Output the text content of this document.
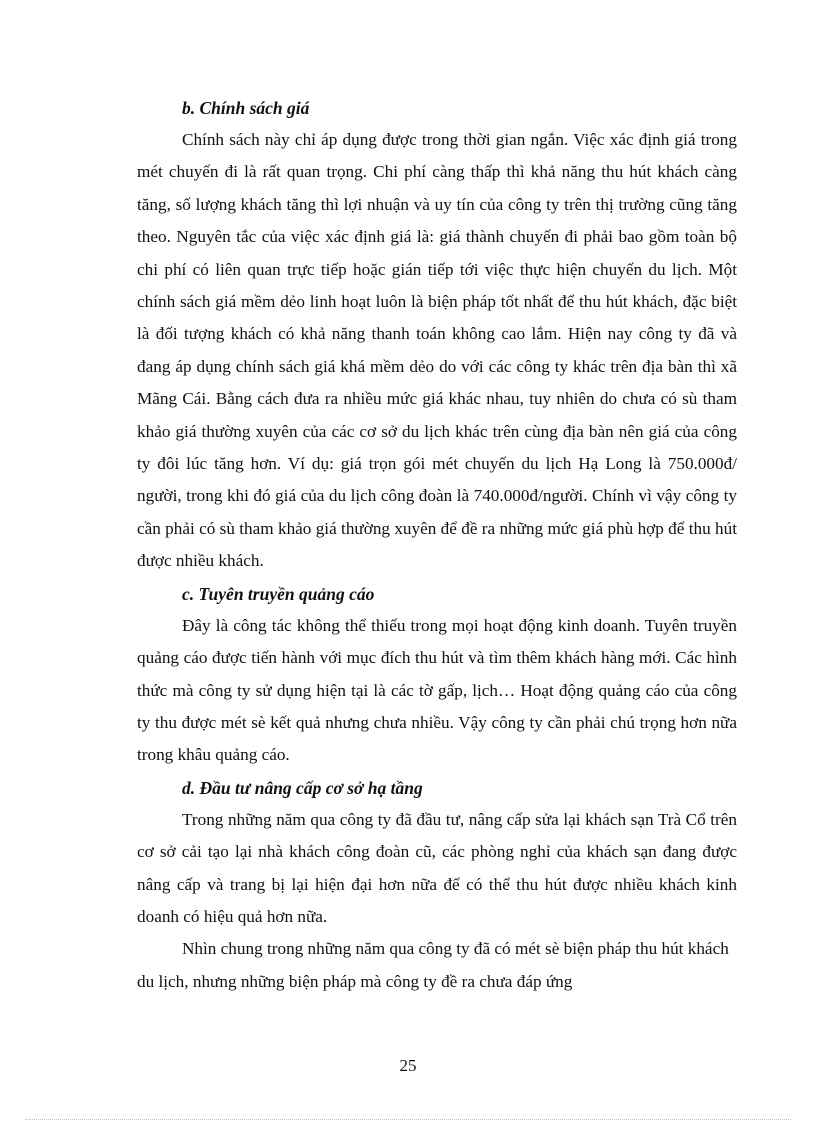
b. Chính sách giá

Chính sách này chỉ áp dụng được trong thời gian ngắn. Việc xác định giá trong mét chuyến đi là rất quan trọng. Chi phí càng thấp thì khả năng thu hút khách càng tăng, số lượng khách tăng thì lợi nhuận và uy tín của công ty trên thị trường cũng tăng theo. Nguyên tắc của việc xác định giá là: giá thành chuyến đi phải bao gồm toàn bộ chi phí có liên quan trực tiếp hoặc gián tiếp tới việc thực hiện chuyến du lịch. Một chính sách giá mềm dẻo linh hoạt luôn là biện pháp tốt nhất để thu hút khách, đặc biệt là đối tượng khách có khả năng thanh toán không cao lắm. Hiện nay công ty đã và đang áp dụng chính sách giá khá mềm dẻo do với các công ty khác trên địa bàn thì xã Mãng Cái. Bằng cách đưa ra nhiều mức giá khác nhau, tuy nhiên do chưa có sù tham khảo giá thường xuyên của các cơ sở du lịch khác trên cùng địa bàn nên giá của công ty đôi lúc tăng hơn. Ví dụ: giá trọn gói mét chuyến du lịch Hạ Long là 750.000đ/ người, trong khi đó giá của du lịch công đoàn là 740.000đ/người. Chính vì vậy công ty cần phải có sù tham khảo giá thường xuyên để đề ra những mức giá phù hợp để thu hút được nhiều khách.

c. Tuyên truyền quảng cáo

Đây là công tác không thể thiếu trong mọi hoạt động kinh doanh. Tuyên truyền quảng cáo được tiến hành với mục đích thu hút và tìm thêm khách hàng mới. Các hình thức mà công ty sử dụng hiện tại là các tờ gấp, lịch… Hoạt động quảng cáo của công ty thu được mét sè kết quả nhưng chưa nhiều. Vậy công ty cần phải chú trọng hơn nữa trong khâu quảng cáo.

d. Đầu tư nâng cấp cơ sở hạ tầng

Trong những năm qua công ty đã đầu tư, nâng cấp sửa lại khách sạn Trà Cổ trên cơ sở cải tạo lại nhà khách công đoàn cũ, các phòng nghỉ của khách sạn đang được nâng cấp và trang bị lại hiện đại hơn nữa để có thể thu hút được nhiều khách kinh doanh có hiệu quả hơn nữa.

Nhìn chung trong những năm qua công ty đã có mét sè biện pháp thu hút khách du lịch, nhưng những biện pháp mà công ty đề ra chưa đáp ứng

25
